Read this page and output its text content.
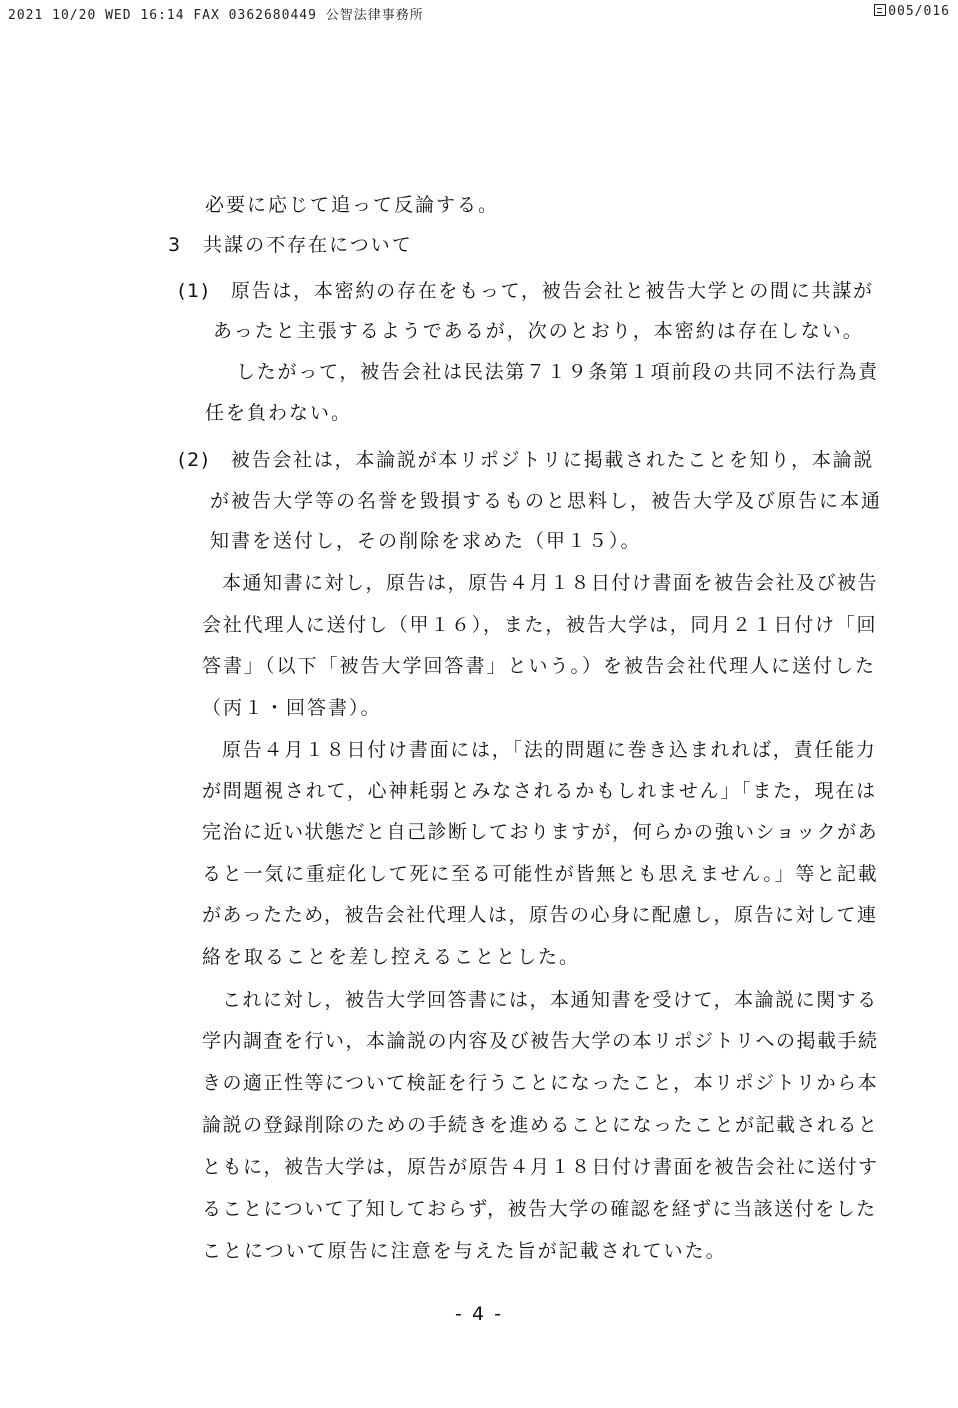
2021 10/20 WED 16:14 FAX 0362680449 公智法律事務所	005/016
必要に応じて追って反論する。
3　共謀の不存在について
(1)　原告は，本密約の存在をもって，被告会社と被告大学との間に共謀が
あったと主張するようであるが，次のとおり，本密約は存在しない。
したがって，被告会社は民法第７１９条第１項前段の共同不法行為責
任を負わない。
(2)　被告会社は，本論説が本リポジトリに掲載されたことを知り，本論説
が被告大学等の名誉を毀損するものと思料し，被告大学及び原告に本通
知書を送付し，その削除を求めた（甲１５）。
本通知書に対し，原告は，原告４月１８日付け書面を被告会社及び被告
会社代理人に送付し（甲１６），また，被告大学は，同月２１日付け「回
答書」（以下「被告大学回答書」という。）を被告会社代理人に送付した
（丙１・回答書）。
原告４月１８日付け書面には，「法的問題に巻き込まれれば，責任能力
が問題視されて，心神耗弱とみなされるかもしれません」「また，現在は
完治に近い状態だと自己診断しておりますが，何らかの強いショックがあ
ると一気に重症化して死に至る可能性が皆無とも思えません。」等と記載
があったため，被告会社代理人は，原告の心身に配慮し，原告に対して連
絡を取ることを差し控えることとした。
これに対し，被告大学回答書には，本通知書を受けて，本論説に関する
学内調査を行い，本論説の内容及び被告大学の本リポジトリへの掲載手続
きの適正性等について検証を行うことになったこと，本リポジトリから本
論説の登録削除のための手続きを進めることになったことが記載されると
ともに，被告大学は，原告が原告４月１８日付け書面を被告会社に送付す
ることについて了知しておらず，被告大学の確認を経ずに当該送付をした
ことについて原告に注意を与えた旨が記載されていた。
- 4 -
